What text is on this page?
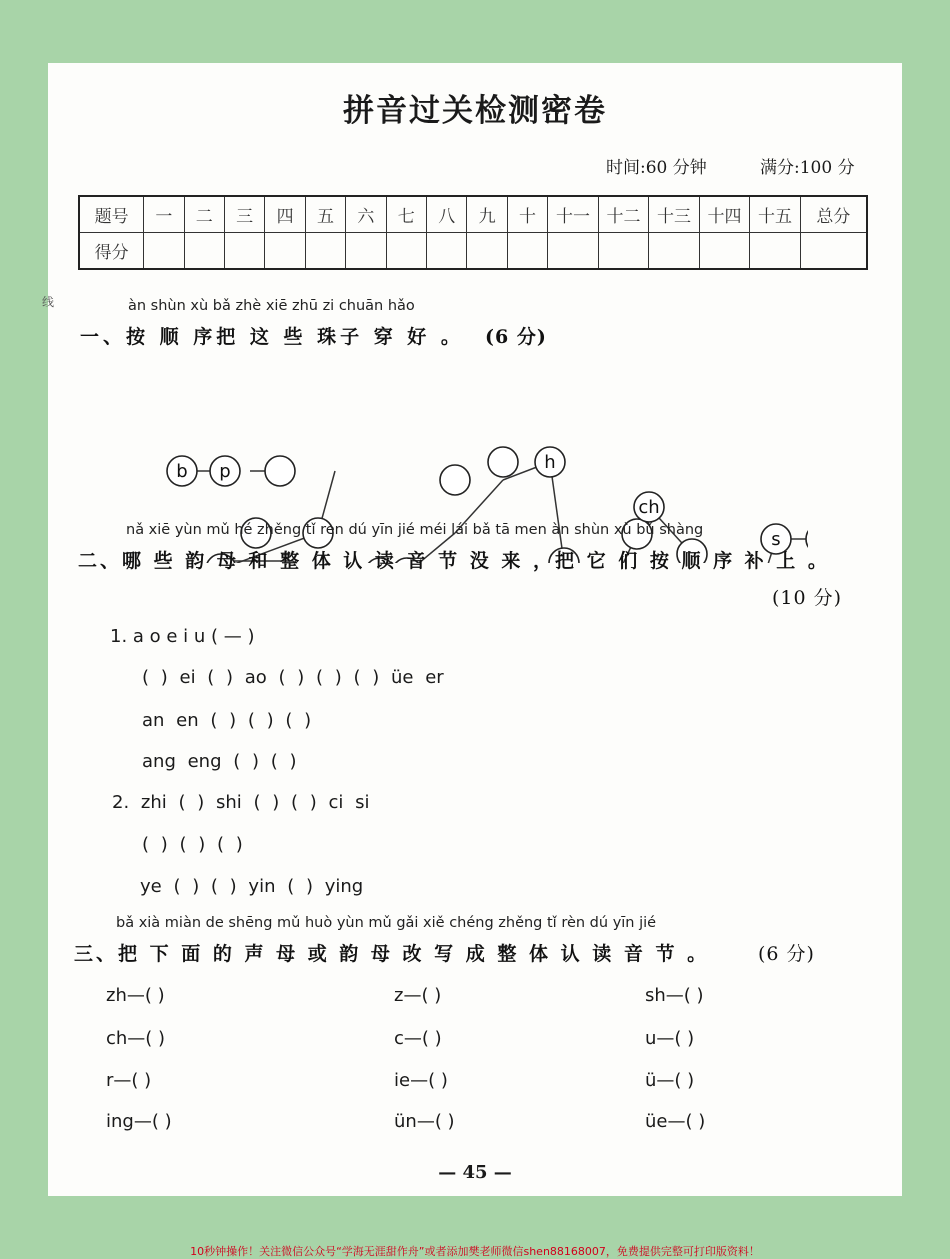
拼音过关检测密卷
时间:60 分钟	满分:100 分
题号	一	二	三	四	五	六	七	八	九	十	十一	十二	十三	十四	十五	总分
得分																
线	àn shùn xù bǎ zhè xiē zhū zi chuān hǎo
一、按 顺 序把 这 些 珠子 穿 好 。 (6 分)
b p	h
ch
s
nǎ xiē yùn mǔ hé zhěng tǐ rèn dú yīn jié méi lái bǎ tā men àn shùn xù bǔ shàng
二、哪 些 韵 母 和 整 体 认 读 音 节 没 来 ，把 它 们 按 顺 序 补 上 。
(10 分)
1. a o e i u ( — )
( ) ei ( ) ao ( ) ( ) ( ) üe er
an en ( ) ( ) ( )
ang eng ( ) ( )
2. zhi ( ) shi ( ) ( ) ci si
( ) ( ) ( )
ye ( ) ( ) yin ( ) ying
bǎ xià miàn de shēng mǔ huò yùn mǔ gǎi xiě chéng zhěng tǐ rèn dú yīn jié
三、把 下 面 的 声 母 或 韵 母 改 写 成 整 体 认 读 音 节 。	(6 分)
zh—( )	z—( )	sh—( )
ch—( )	c—( )	u—( )
r—( )	ie—( )	ü—( )
ing—( )	ün—( )	üe—( )
— 45 —
10秒钟操作！关注微信公众号“学海无涯甜作舟”或者添加樊老师微信shen88168007，免费提供完整可打印版资料！
